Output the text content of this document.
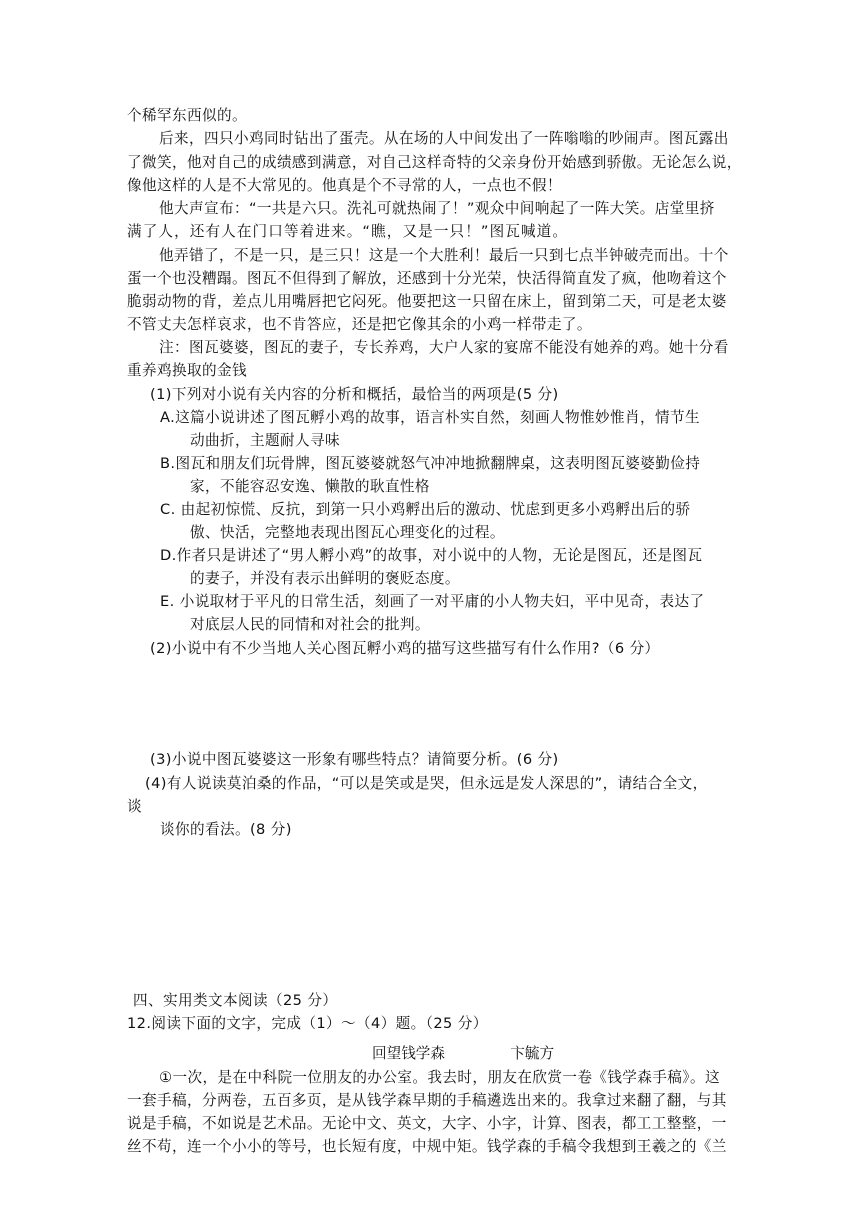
个稀罕东西似的。
后来，四只小鸡同时钻出了蛋壳。从在场的人中间发出了一阵嗡嗡的吵闹声。图瓦露出
了微笑，他对自己的成绩感到满意，对自己这样奇特的父亲身份开始感到骄傲。无论怎么说，
像他这样的人是不大常见的。他真是个不寻常的人，一点也不假！
他大声宣布：“一共是六只。洗礼可就热闹了！”观众中间响起了一阵大笑。店堂里挤
满了人，还有人在门口等着进来。“瞧，又是一只！”图瓦喊道。
他弄错了，不是一只，是三只！这是一个大胜利！最后一只到七点半钟破壳而出。十个
蛋一个也没糟蹋。图瓦不但得到了解放，还感到十分光荣，快活得简直发了疯，他吻着这个
脆弱动物的背，差点儿用嘴唇把它闷死。他要把这一只留在床上，留到第二天，可是老太婆
不管丈夫怎样哀求，也不肯答应，还是把它像其余的小鸡一样带走了。
注：图瓦婆婆，图瓦的妻子，专长养鸡，大户人家的宴席不能没有她养的鸡。她十分看
重养鸡换取的金钱
(1)下列对小说有关内容的分析和概括，最恰当的两项是(5 分)
A.这篇小说讲述了图瓦孵小鸡的故事，语言朴实自然，刻画人物惟妙惟肖，情节生
动曲折，主题耐人寻味
B.图瓦和朋友们玩骨牌，图瓦婆婆就怒气冲冲地掀翻牌桌，这表明图瓦婆婆勤俭持
家，不能容忍安逸、懒散的耿直性格
C. 由起初惊慌、反抗，到第一只小鸡孵出后的激动、忧虑到更多小鸡孵出后的骄
傲、快活，完整地表现出图瓦心理变化的过程。
D.作者只是讲述了“男人孵小鸡”的故事，对小说中的人物，无论是图瓦，还是图瓦
的妻子，并没有表示出鲜明的褒贬态度。
E. 小说取材于平凡的日常生活，刻画了一对平庸的小人物夫妇，平中见奇，表达了
对底层人民的同情和对社会的批判。
(2)小说中有不少当地人关心图瓦孵小鸡的描写这些描写有什么作用?（6 分）
(3)小说中图瓦婆婆这一形象有哪些特点？请简要分析。(6 分)
(4)有人说读莫泊桑的作品，“可以是笑或是哭，但永远是发人深思的”，请结合全文，
谈
谈你的看法。(8 分)
四、实用类文本阅读（25 分）
12.阅读下面的文字，完成（1）～（4）题。（25 分）
回望钱学森	卞毓方
①一次，是在中科院一位朋友的办公室。我去时，朋友在欣赏一卷《钱学森手稿》。这
一套手稿，分两卷，五百多页，是从钱学森早期的手稿遴选出来的。我拿过来翻了翻，与其
说是手稿，不如说是艺术品。无论中文、英文，大字、小字，计算、图表，都工工整整，一
丝不苟，连一个小小的等号，也长短有度，中规中矩。钱学森的手稿令我想到王羲之的《兰
